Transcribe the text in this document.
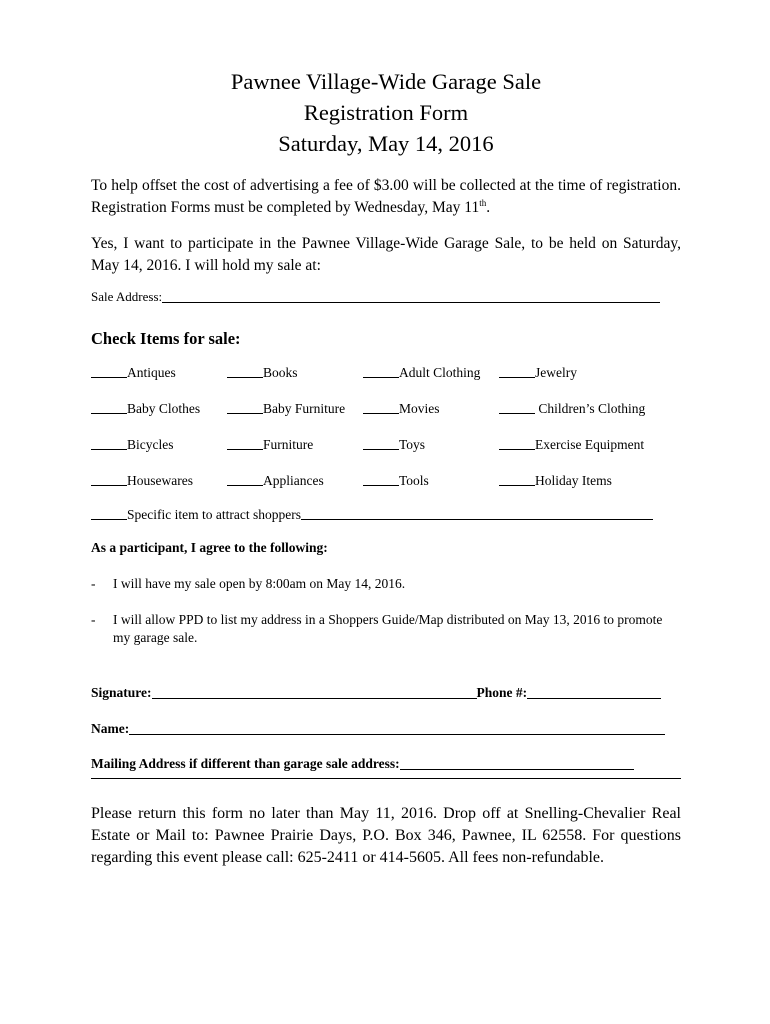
Pawnee Village-Wide Garage Sale
Registration Form
Saturday, May 14, 2016
To help offset the cost of advertising a fee of $3.00 will be collected at the time of registration. Registration Forms must be completed by Wednesday, May 11th.
Yes, I want to participate in the Pawnee Village-Wide Garage Sale, to be held on Saturday, May 14, 2016. I will hold my sale at:
Sale Address:
Check Items for sale:
Antiques	Books	Adult Clothing	Jewelry
Baby Clothes	Baby Furniture	Movies	Children’s Clothing
Bicycles	Furniture	Toys	Exercise Equipment
Housewares	Appliances	Tools	Holiday Items
Specific item to attract shoppers
As a participant, I agree to the following:
-	I will have my sale open by 8:00am on May 14, 2016.
-	I will allow PPD to list my address in a Shoppers Guide/Map distributed on May 13, 2016 to promote my garage sale.
Signature:	Phone #:
Name:
Mailing Address if different than garage sale address:
Please return this form no later than May 11, 2016. Drop off at Snelling-Chevalier Real Estate or Mail to: Pawnee Prairie Days, P.O. Box 346, Pawnee, IL 62558. For questions regarding this event please call: 625-2411 or 414-5605. All fees non-refundable.
